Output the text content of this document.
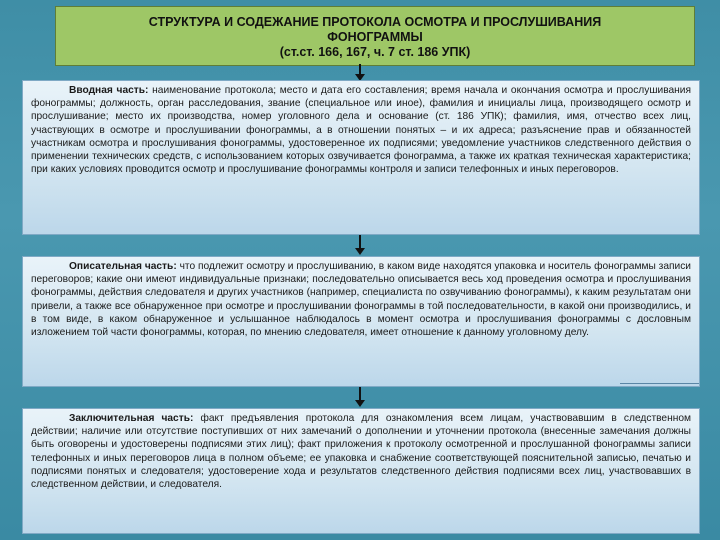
СТРУКТУРА И СОДЕЖАНИЕ ПРОТОКОЛА ОСМОТРА И ПРОСЛУШИВАНИЯ
ФОНОГРАММЫ
(ст.ст. 166, 167, ч. 7 ст. 186 УПК)

Вводная часть: наименование протокола; место и дата его составления; время начала и окончания осмотра и прослушивания фонограммы; должность, орган расследования, звание (специальное или иное), фамилия и инициалы лица, производящего осмотр и прослушивание; место их производства, номер уголовного дела и основание (ст. 186 УПК); фамилия, имя, отчество всех лиц, участвующих в осмотре и прослушивании фонограммы, а в отношении понятых – и их адреса; разъяснение прав и обязанностей участникам осмотра и прослушивания фонограммы, удостоверенное их подписями; уведомление участников следственного действия о применении технических средств, с использованием которых озвучивается фонограмма, а также их краткая техническая характеристика; при каких условиях проводится осмотр и прослушивание фонограммы контроля и записи телефонных и иных переговоров.

Описательная часть: что подлежит осмотру и прослушиванию, в каком виде находятся упаковка и носитель фонограммы записи переговоров; какие они имеют индивидуальные признаки; последовательно описывается весь ход проведения осмотра и прослушивания фонограммы, действия следователя и других участников (например, специалиста по озвучиванию фонограммы), к каким результатам они привели, а также все обнаруженное при осмотре и прослушивании фонограммы в той последовательности, в какой они производились, и в том виде, в каком обнаруженное и услышанное наблюдалось в момент осмотра и прослушивания фонограммы с дословным изложением той части фонограммы, которая, по мнению следователя, имеет отношение к данному уголовному делу.

Заключительная часть: факт предъявления протокола для ознакомления всем лицам, участвовавшим в следственном действии; наличие или отсутствие поступивших от них замечаний о дополнении и уточнении протокола (внесенные замечания должны быть оговорены и удостоверены подписями этих лиц); факт приложения к протоколу осмотренной и прослушанной фонограммы записи телефонных и иных переговоров лица в полном объеме; ее упаковка и снабжение соответствующей пояснительной записью, печатью и подписями понятых и следователя; удостоверение хода и результатов следственного действия подписями всех лиц, участвовавших в следственном действии, и следователя.
